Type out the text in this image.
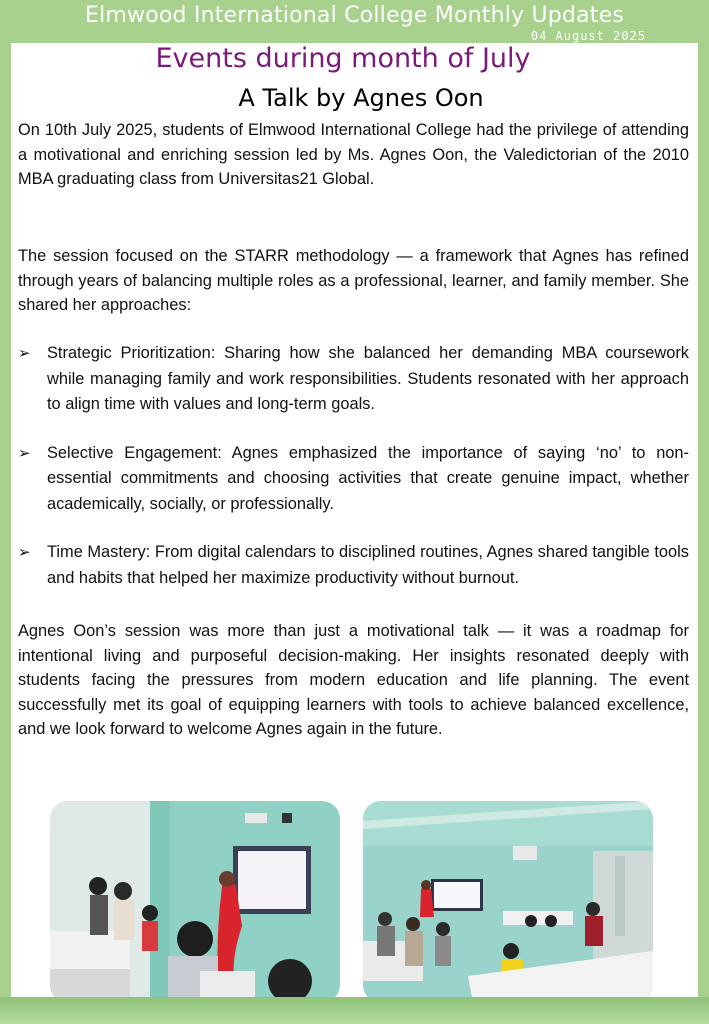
Elmwood International College Monthly Updates
04 August 2025
Events during month of July
A Talk by Agnes Oon

On 10th July 2025, students of Elmwood International College had the privilege of attending a motivational and enriching session led by Ms. Agnes Oon, the Valedictorian of the 2010 MBA graduating class from Universitas21 Global.

The session focused on the STARR methodology — a framework that Agnes has refined through years of balancing multiple roles as a professional, learner, and family member. She shared her approaches:

➢ Strategic Prioritization: Sharing how she balanced her demanding MBA coursework while managing family and work responsibilities. Students resonated with her approach to align time with values and long-term goals.
➢ Selective Engagement: Agnes emphasized the importance of saying ‘no’ to non-essential commitments and choosing activities that create genuine impact, whether academically, socially, or professionally.
➢ Time Mastery: From digital calendars to disciplined routines, Agnes shared tangible tools and habits that helped her maximize productivity without burnout.

Agnes Oon’s session was more than just a motivational talk — it was a roadmap for intentional living and purposeful decision-making. Her insights resonated deeply with students facing the pressures from modern education and life planning. The event successfully met its goal of equipping learners with tools to achieve balanced excellence, and we look forward to welcome Agnes again in the future.
